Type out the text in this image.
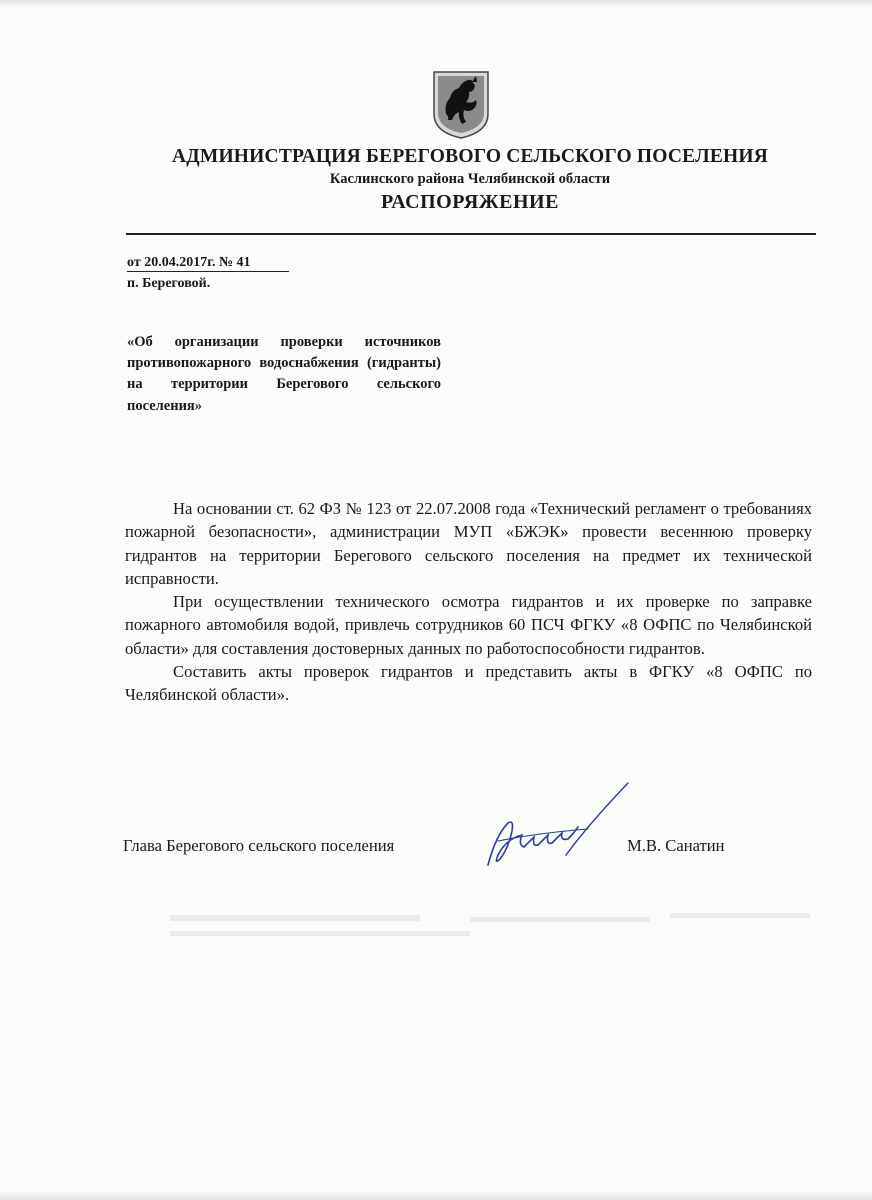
АДМИНИСТРАЦИЯ БЕРЕГОВОГО СЕЛЬСКОГО ПОСЕЛЕНИЯ
Каслинского района Челябинской области
РАСПОРЯЖЕНИЕ
от 20.04.2017г. № 41
п. Береговой.
«Об организации проверки источников противопожарного водоснабжения (гидранты) на территории Берегового сельского поселения»

На основании ст. 62 ФЗ № 123 от 22.07.2008 года «Технический регламент о требованиях пожарной безопасности», администрации МУП «БЖЭК» провести весеннюю проверку гидрантов на территории Берегового сельского поселения на предмет их технической исправности.

При осуществлении технического осмотра гидрантов и их проверке по заправке пожарного автомобиля водой, привлечь сотрудников 60 ПСЧ ФГКУ «8 ОФПС по Челябинской области» для составления достоверных данных по работоспособности гидрантов.

Составить акты проверок гидрантов и представить акты в ФГКУ «8 ОФПС по Челябинской области».

Глава Берегового сельского поселения	М.В. Санатин
